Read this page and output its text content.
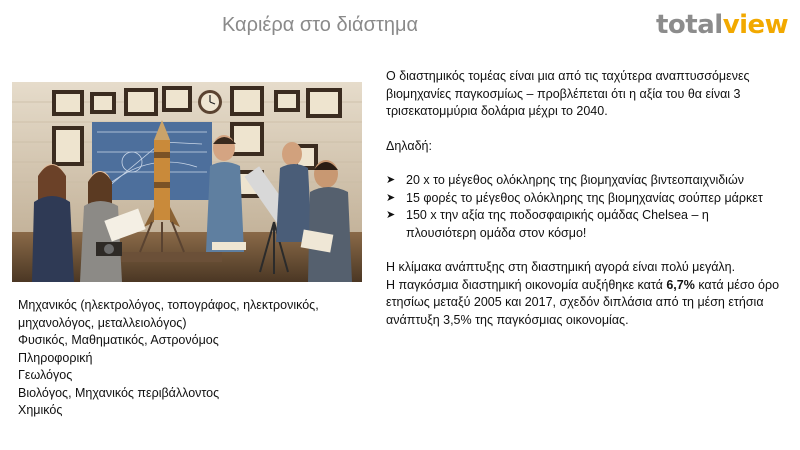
Καριέρα στο διάστημα	totalview
Μηχανικός (ηλεκτρολόγος, τοπογράφος, ηλεκτρονικός,
μηχανολόγος, μεταλλειολόγος)
Φυσικός, Μαθηματικός, Αστρονόμος
Πληροφορική
Γεωλόγος
Βιολόγος, Μηχανικός περιβάλλοντος
Χημικός

Ο διαστημικός τομέας είναι μια από τις ταχύτερα αναπτυσσόμενες βιομηχανίες παγκοσμίως – προβλέπεται ότι η αξία του θα είναι 3 τρισεκατομμύρια δολάρια μέχρι το 2040.

Δηλαδή:

➤ 20 x το μέγεθος ολόκληρης της βιομηχανίας βιντεοπαιχνιδιών
➤ 15 φορές το μέγεθος ολόκληρης της βιομηχανίας σούπερ μάρκετ
➤ 150 x την αξία της ποδοσφαιρικής ομάδας Chelsea – η πλουσιότερη ομάδα στον κόσμο!

Η κλίμακα ανάπτυξης στη διαστημική αγορά είναι πολύ μεγάλη.

Η παγκόσμια διαστημική οικονομία αυξήθηκε κατά 6,7% κατά μέσο όρο ετησίως μεταξύ 2005 και 2017, σχεδόν διπλάσια από τη μέση ετήσια ανάπτυξη 3,5% της παγκόσμιας οικονομίας.
